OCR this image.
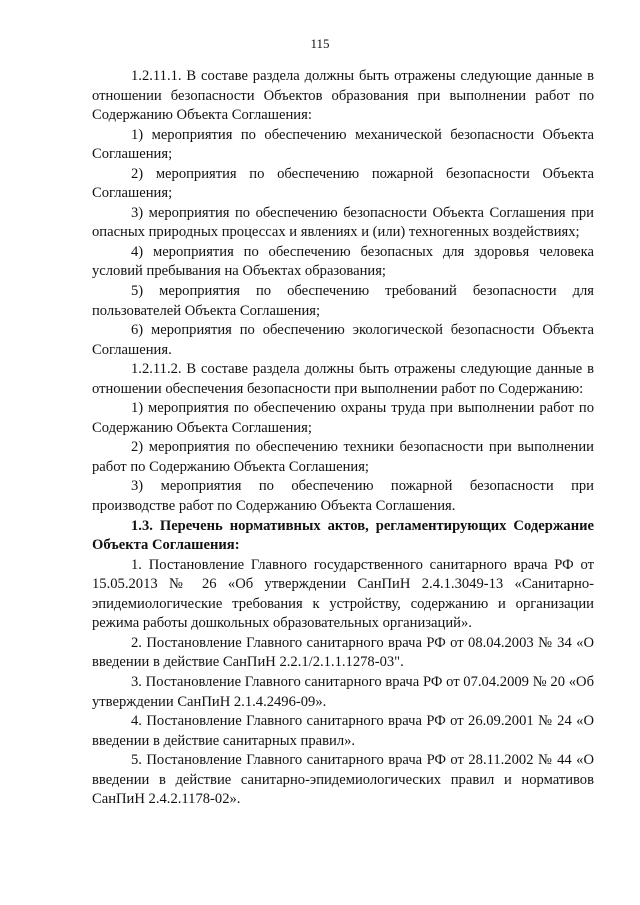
115

1.2.11.1. В составе раздела должны быть отражены следующие данные в отношении безопасности Объектов образования при выполнении работ по Содержанию Объекта Соглашения:

1) мероприятия по обеспечению механической безопасности Объекта Соглашения;

2) мероприятия по обеспечению пожарной безопасности Объекта Соглашения;

3) мероприятия по обеспечению безопасности Объекта Соглашения при опасных природных процессах и явлениях и (или) техногенных воздействиях;

4) мероприятия по обеспечению безопасных для здоровья человека условий пребывания на Объектах образования;

5) мероприятия по обеспечению требований безопасности для пользователей Объекта Соглашения;

6) мероприятия по обеспечению экологической безопасности Объекта Соглашения.

1.2.11.2. В составе раздела должны быть отражены следующие данные в отношении обеспечения безопасности при выполнении работ по Содержанию:

1) мероприятия по обеспечению охраны труда при выполнении работ по Содержанию Объекта Соглашения;

2) мероприятия по обеспечению техники безопасности при выполнении работ по Содержанию Объекта Соглашения;

3) мероприятия по обеспечению пожарной безопасности при производстве работ по Содержанию Объекта Соглашения.

1.3. Перечень нормативных актов, регламентирующих Содержание Объекта Соглашения:

1. Постановление Главного государственного санитарного врача РФ от 15.05.2013 № 26 «Об утверждении СанПиН 2.4.1.3049-13 «Санитарно-эпидемиологические требования к устройству, содержанию и организации режима работы дошкольных образовательных организаций».

2. Постановление Главного санитарного врача РФ от 08.04.2003 № 34 «О введении в действие СанПиН 2.2.1/2.1.1.1278-03".

3. Постановление Главного санитарного врача РФ от 07.04.2009 № 20 «Об утверждении СанПиН 2.1.4.2496-09».

4. Постановление Главного санитарного врача РФ от 26.09.2001 № 24 «О введении в действие санитарных правил».

5. Постановление Главного санитарного врача РФ от 28.11.2002 № 44 «О введении в действие санитарно-эпидемиологических правил и нормативов СанПиН 2.4.2.1178-02».
